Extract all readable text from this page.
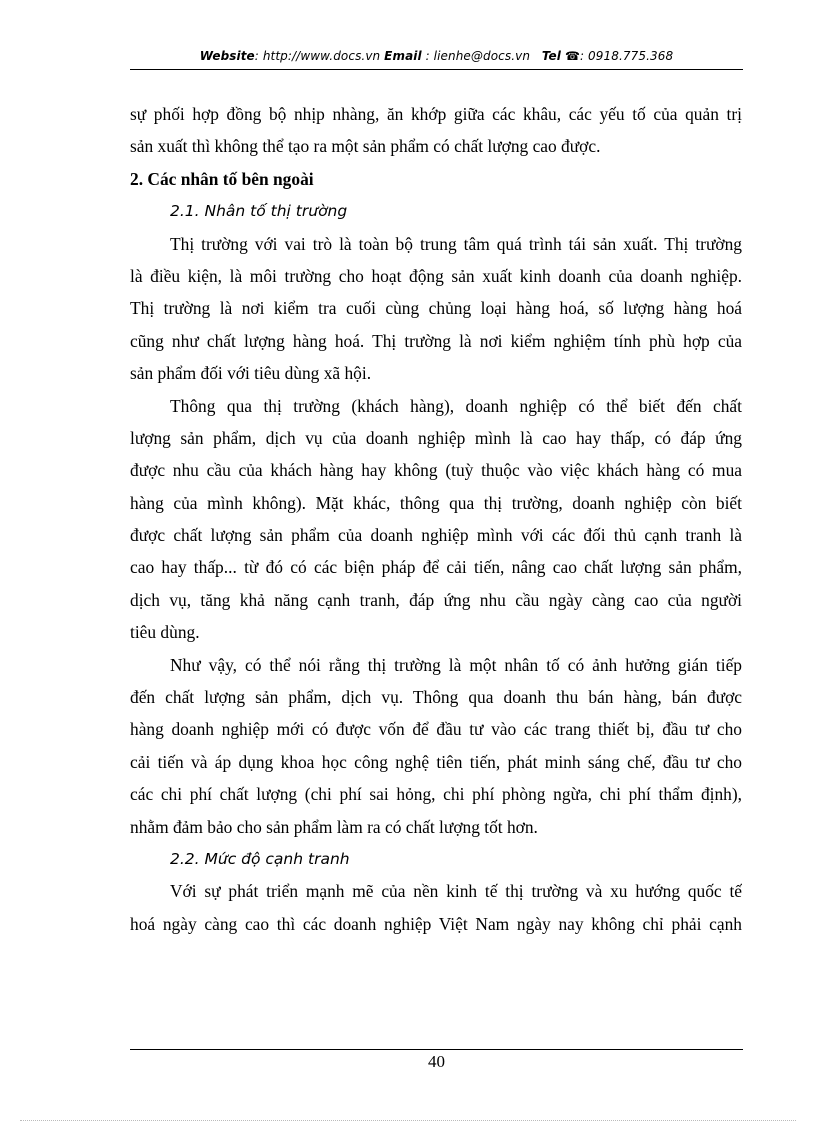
Website: http://www.docs.vn Email : lienhe@docs.vn Tel ☎: 0918.775.368
sự phối hợp đồng bộ nhịp nhàng, ăn khớp giữa các khâu, các yếu tố của quản trị
sản xuất thì không thể tạo ra một sản phẩm có chất lượng cao được.
2. Các nhân tố bên ngoài
2.1. Nhân tố thị trường
Thị trường với vai trò là toàn bộ trung tâm quá trình tái sản xuất. Thị trường
là điều kiện, là môi trường cho hoạt động sản xuất kinh doanh của doanh nghiệp.
Thị trường là nơi kiểm tra cuối cùng chủng loại hàng hoá, số lượng hàng hoá
cũng như chất lượng hàng hoá. Thị trường là nơi kiểm nghiệm tính phù hợp của
sản phẩm đối với tiêu dùng xã hội.
Thông qua thị trường (khách hàng), doanh nghiệp có thể biết đến chất
lượng sản phẩm, dịch vụ của doanh nghiệp mình là cao hay thấp, có đáp ứng
được nhu cầu của khách hàng hay không (tuỳ thuộc vào việc khách hàng có mua
hàng của mình không). Mặt khác, thông qua thị trường, doanh nghiệp còn biết
được chất lượng sản phẩm của doanh nghiệp mình với các đối thủ cạnh tranh là
cao hay thấp... từ đó có các biện pháp để cải tiến, nâng cao chất lượng sản phẩm,
dịch vụ, tăng khả năng cạnh tranh, đáp ứng nhu cầu ngày càng cao của người
tiêu dùng.
Như vậy, có thể nói rằng thị trường là một nhân tố có ảnh hưởng gián tiếp
đến chất lượng sản phẩm, dịch vụ. Thông qua doanh thu bán hàng, bán được
hàng doanh nghiệp mới có được vốn để đầu tư vào các trang thiết bị, đầu tư cho
cải tiến và áp dụng khoa học công nghệ tiên tiến, phát minh sáng chế, đầu tư cho
các chi phí chất lượng (chi phí sai hỏng, chi phí phòng ngừa, chi phí thẩm định),
nhằm đảm bảo cho sản phẩm làm ra có chất lượng tốt hơn.
2.2. Mức độ cạnh tranh
Với sự phát triển mạnh mẽ của nền kinh tế thị trường và xu hướng quốc tế
hoá ngày càng cao thì các doanh nghiệp Việt Nam ngày nay không chỉ phải cạnh
40
